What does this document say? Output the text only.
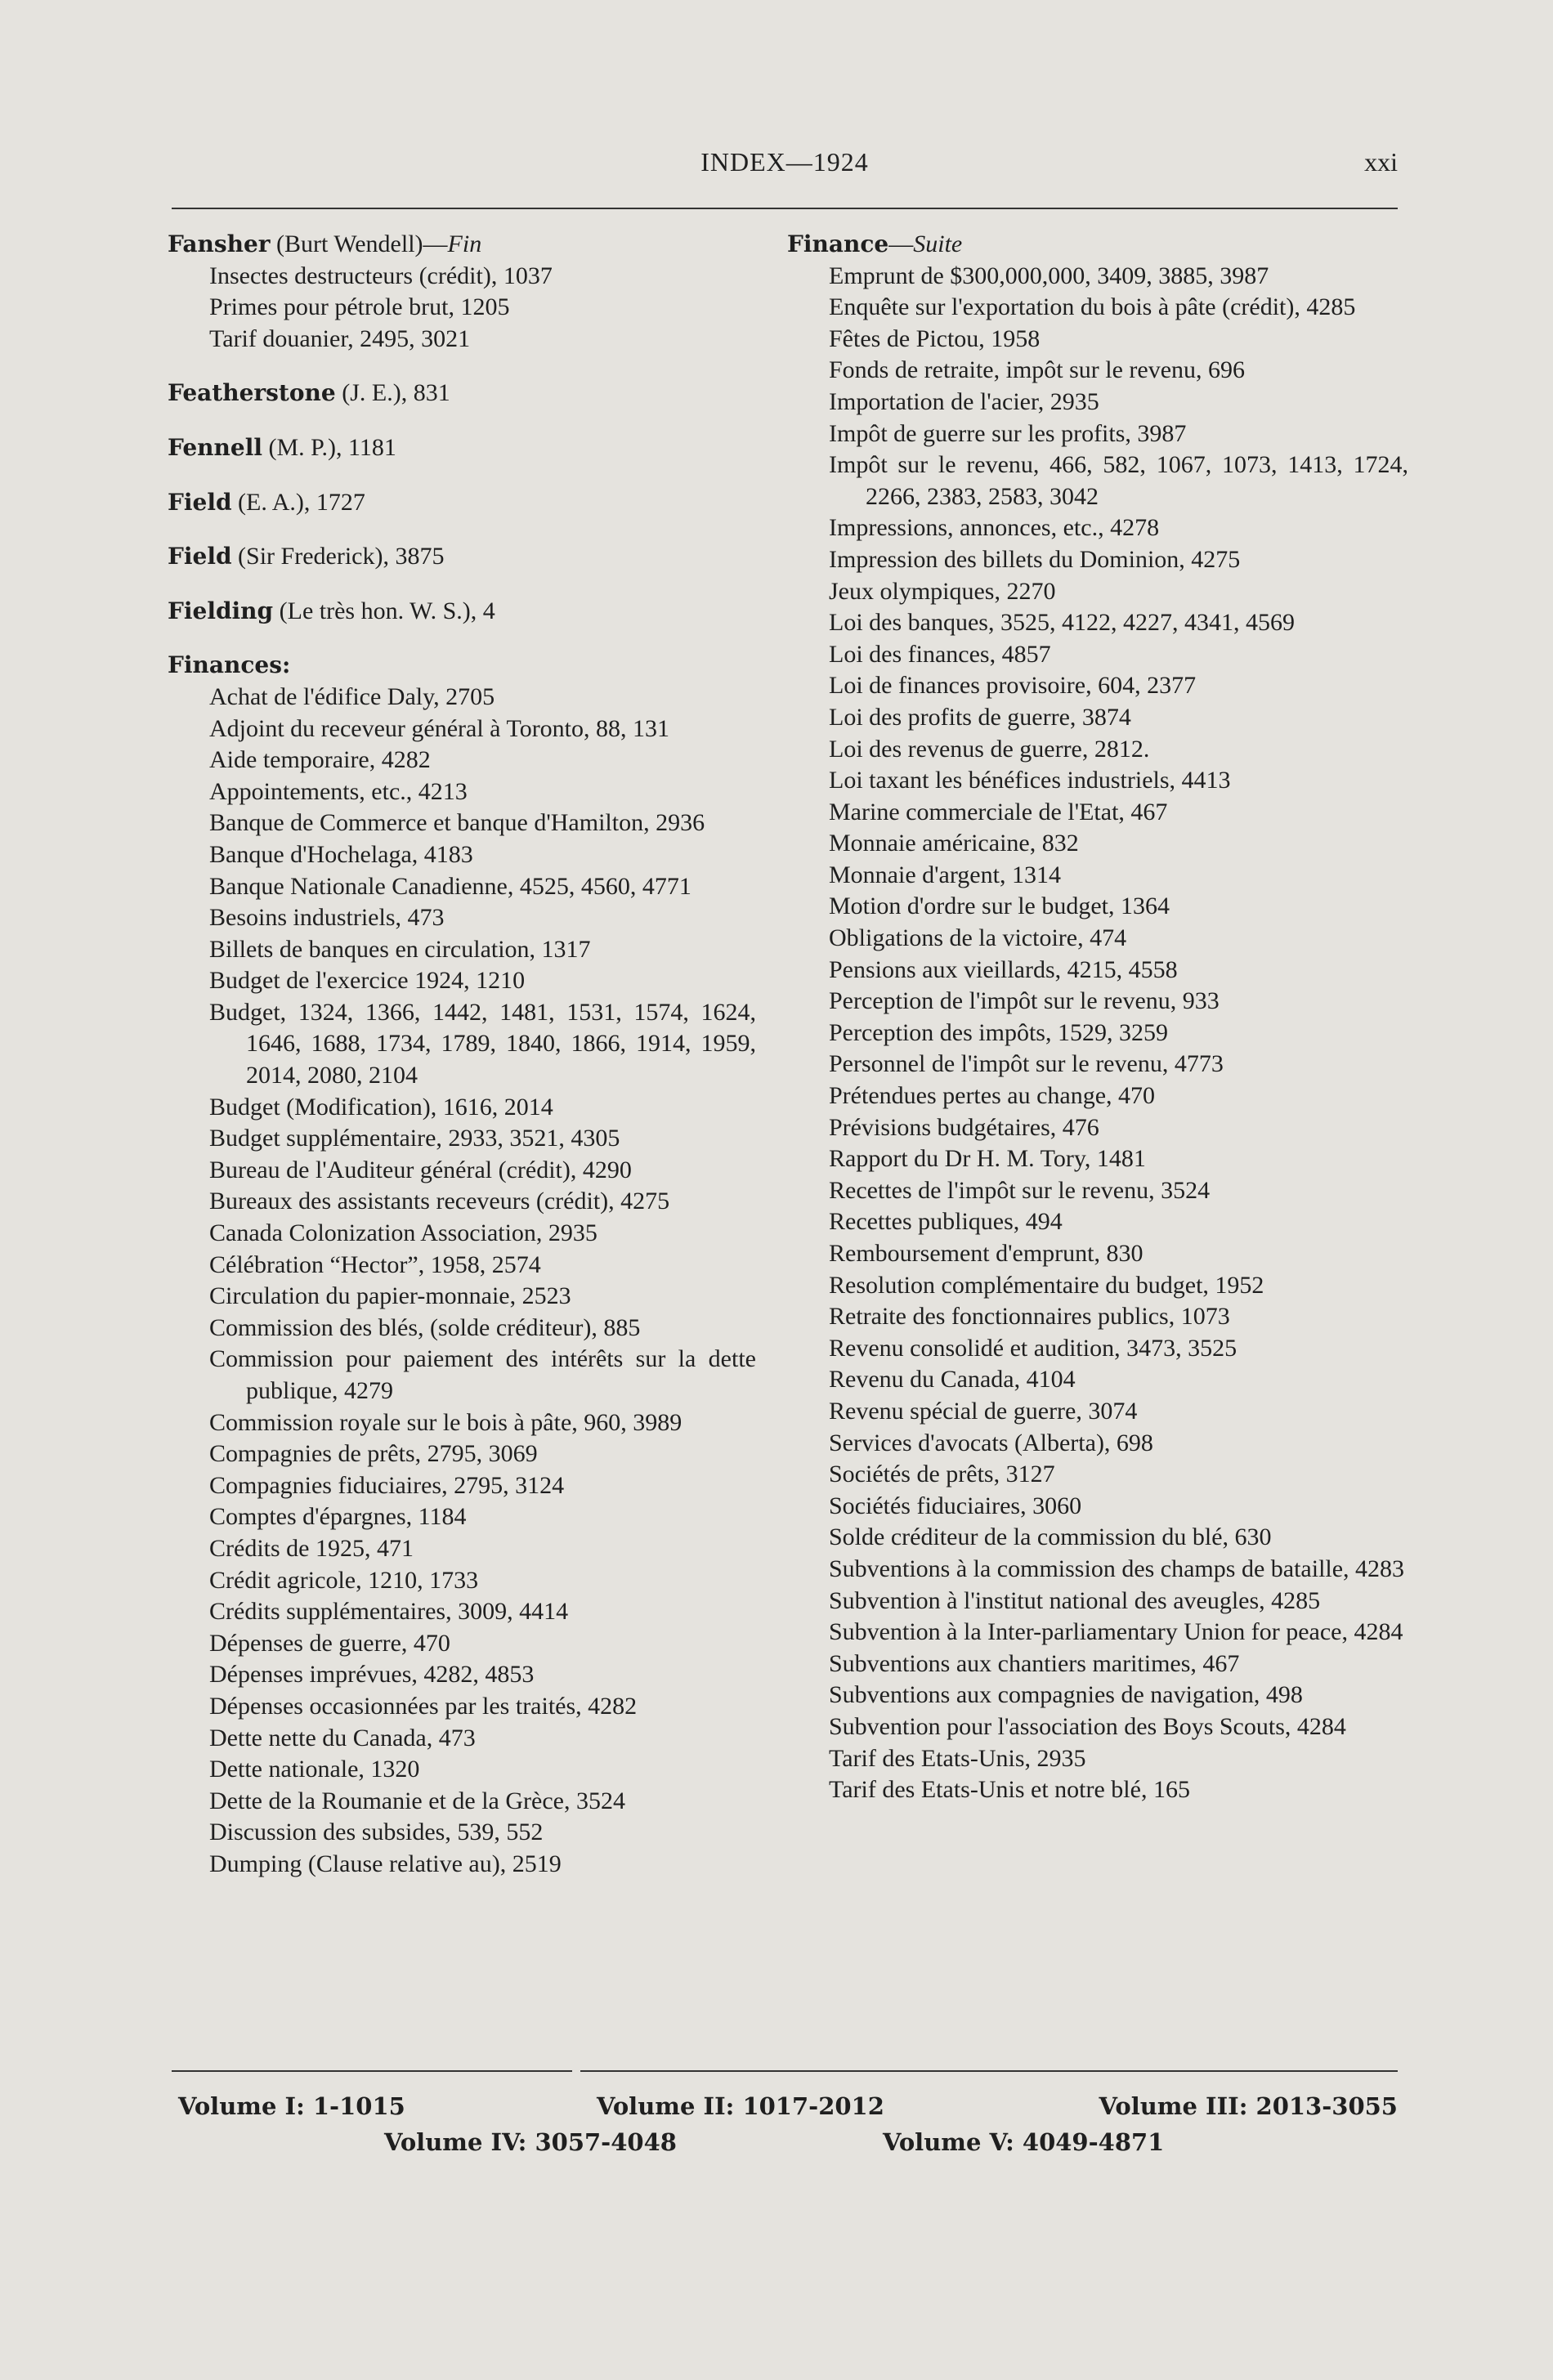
INDEX—1924	xxi
Fansher (Burt Wendell)—Fin
Insectes destructeurs (crédit), 1037
Primes pour pétrole brut, 1205
Tarif douanier, 2495, 3021
Featherstone (J. E.), 831
Fennell (M. P.), 1181
Field (E. A.), 1727
Field (Sir Frederick), 3875
Fielding (Le très hon. W. S.), 4
Finances:
Achat de l'édifice Daly, 2705
Adjoint du receveur général à Toronto, 88, 131
Aide temporaire, 4282
Appointements, etc., 4213
Banque de Commerce et banque d'Hamilton, 2936
Banque d'Hochelaga, 4183
Banque Nationale Canadienne, 4525, 4560, 4771
Besoins industriels, 473
Billets de banques en circulation, 1317
Budget de l'exercice 1924, 1210
Budget, 1324, 1366, 1442, 1481, 1531, 1574, 1624, 1646, 1688, 1734, 1789, 1840, 1866, 1914, 1959, 2014, 2080, 2104
Budget (Modification), 1616, 2014
Budget supplémentaire, 2933, 3521, 4305
Bureau de l'Auditeur général (crédit), 4290
Bureaux des assistants receveurs (crédit), 4275
Canada Colonization Association, 2935
Célébration “Hector”, 1958, 2574
Circulation du papier-monnaie, 2523
Commission des blés, (solde créditeur), 885
Commission pour paiement des intérêts sur la dette publique, 4279
Commission royale sur le bois à pâte, 960, 3989
Compagnies de prêts, 2795, 3069
Compagnies fiduciaires, 2795, 3124
Comptes d'épargnes, 1184
Crédits de 1925, 471
Crédit agricole, 1210, 1733
Crédits supplémentaires, 3009, 4414
Dépenses de guerre, 470
Dépenses imprévues, 4282, 4853
Dépenses occasionnées par les traités, 4282
Dette nette du Canada, 473
Dette nationale, 1320
Dette de la Roumanie et de la Grèce, 3524
Discussion des subsides, 539, 552
Dumping (Clause relative au), 2519
Finance—Suite
Emprunt de $300,000,000, 3409, 3885, 3987
Enquête sur l'exportation du bois à pâte (crédit), 4285
Fêtes de Pictou, 1958
Fonds de retraite, impôt sur le revenu, 696
Importation de l'acier, 2935
Impôt de guerre sur les profits, 3987
Impôt sur le revenu, 466, 582, 1067, 1073, 1413, 1724, 2266, 2383, 2583, 3042
Impressions, annonces, etc., 4278
Impression des billets du Dominion, 4275
Jeux olympiques, 2270
Loi des banques, 3525, 4122, 4227, 4341, 4569
Loi des finances, 4857
Loi de finances provisoire, 604, 2377
Loi des profits de guerre, 3874
Loi des revenus de guerre, 2812.
Loi taxant les bénéfices industriels, 4413
Marine commerciale de l'Etat, 467
Monnaie américaine, 832
Monnaie d'argent, 1314
Motion d'ordre sur le budget, 1364
Obligations de la victoire, 474
Pensions aux vieillards, 4215, 4558
Perception de l'impôt sur le revenu, 933
Perception des impôts, 1529, 3259
Personnel de l'impôt sur le revenu, 4773
Prétendues pertes au change, 470
Prévisions budgétaires, 476
Rapport du Dr H. M. Tory, 1481
Recettes de l'impôt sur le revenu, 3524
Recettes publiques, 494
Remboursement d'emprunt, 830
Resolution complémentaire du budget, 1952
Retraite des fonctionnaires publics, 1073
Revenu consolidé et audition, 3473, 3525
Revenu du Canada, 4104
Revenu spécial de guerre, 3074
Services d'avocats (Alberta), 698
Sociétés de prêts, 3127
Sociétés fiduciaires, 3060
Solde créditeur de la commission du blé, 630
Subventions à la commission des champs de bataille, 4283
Subvention à l'institut national des aveugles, 4285
Subvention à la Inter-parliamentary Union for peace, 4284
Subventions aux chantiers maritimes, 467
Subventions aux compagnies de navigation, 498
Subvention pour l'association des Boys Scouts, 4284
Tarif des Etats-Unis, 2935
Tarif des Etats-Unis et notre blé, 165
Volume I: 1-1015	Volume II: 1017-2012	Volume III: 2013-3055
Volume IV: 3057-4048	Volume V: 4049-4871
